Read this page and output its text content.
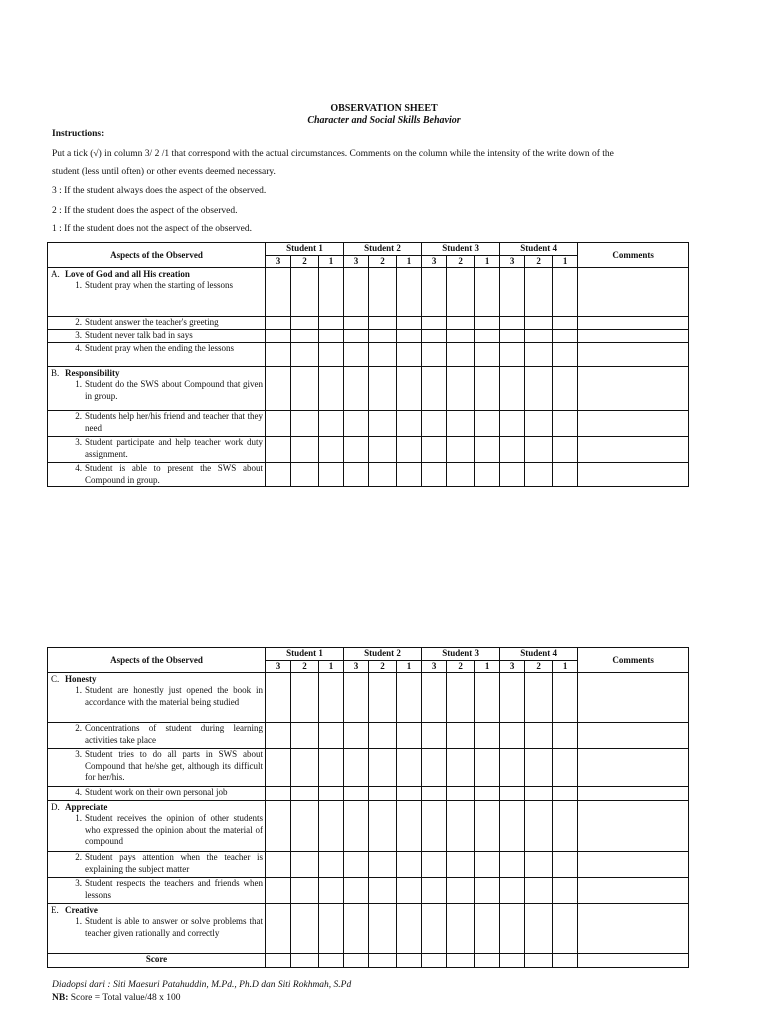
OBSERVATION SHEET
Character and Social Skills Behavior
Instructions:
Put a tick (√) in column 3/ 2 /1 that correspond with the actual circumstances. Comments on the column while the intensity of the write down of the
student (less until often) or other events deemed necessary.
3 : If the student always does the aspect of the observed.
2 : If the student does the aspect of the observed.
1 : If the student does not the aspect of the observed.
Aspects of the Observed	Student 1			Student 2			Student 3			Student 4			Comments
	3	2	1	3	2	1	3	2	1	3	2	1	

A. Love of God and all His creation
1. Student pray when the starting of lessons													

2. Student answer the teacher's greeting													

3. Student never talk bad in says													

4. Student pray when the ending the lessons													

B. Responsibility
1. Student do the SWS about Compound that given in group.													

2. Students help her/his friend and teacher that they need													

3. Student participate and help teacher work duty assignment.													

4. Student is able to present the SWS about Compound in group.													

Aspects of the Observed	Student 1			Student 2			Student 3			Student 4			Comments
	3	2	1	3	2	1	3	2	1	3	2	1	

C. Honesty
1. Student are honestly just opened the book in accordance with the material being studied													

2. Concentrations of student during learning activities take place													

3. Student tries to do all parts in SWS about Compound that he/she get, although its difficult for her/his.													

4. Student work on their own personal job													

D. Appreciate
1. Student receives the opinion of other students who expressed the opinion about the material of compound													

2. Student pays attention when the teacher is explaining the subject matter													

3. Student respects the teachers and friends when lessons													

E. Creative
1. Student is able to answer or solve problems that teacher given rationally and correctly													

Score													
Diadopsi dari : Siti Maesuri Patahuddin, M.Pd., Ph.D dan Siti Rokhmah, S.Pd
NB: Score = Total value/48 x 100
